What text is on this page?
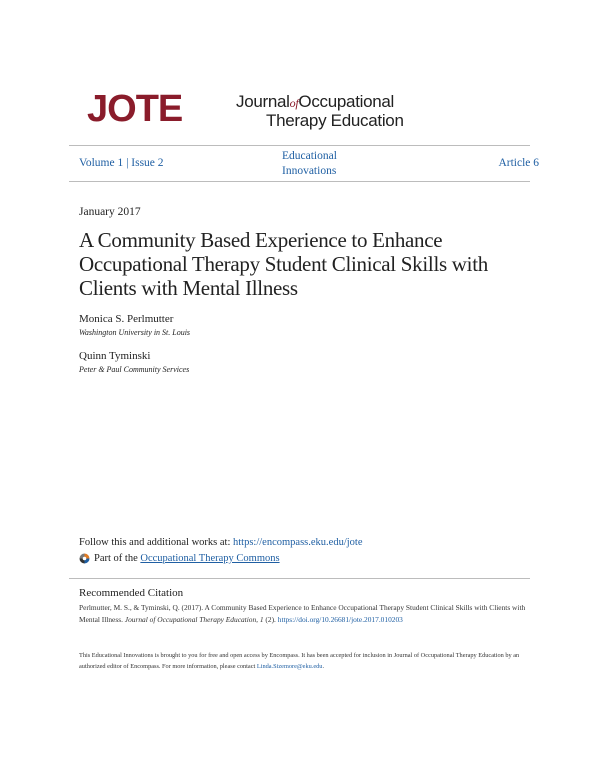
JOTE	JournalofOccupational
Therapy Education
Volume 1 | Issue 2
Educational
Innovations
Article 6
January 2017
A Community Based Experience to Enhance Occupational Therapy Student Clinical Skills with Clients with Mental Illness
Monica S. Perlmutter
Washington University in St. Louis
Quinn Tyminski
Peter & Paul Community Services
Follow this and additional works at: https://encompass.eku.edu/jote
Part of the
Occupational Therapy Commons
Recommended Citation
Perlmutter, M. S., & Tyminski, Q. (2017). A Community Based Experience to Enhance Occupational Therapy Student Clinical Skills with Clients with Mental Illness. Journal of Occupational Therapy Education, 1 (2). https://doi.org/10.26681/jote.2017.010203
This Educational Innovations is brought to you for free and open access by Encompass. It has been accepted for inclusion in Journal of Occupational Therapy Education by an authorized editor of Encompass. For more information, please contact Linda.Sizemore@eku.edu.
